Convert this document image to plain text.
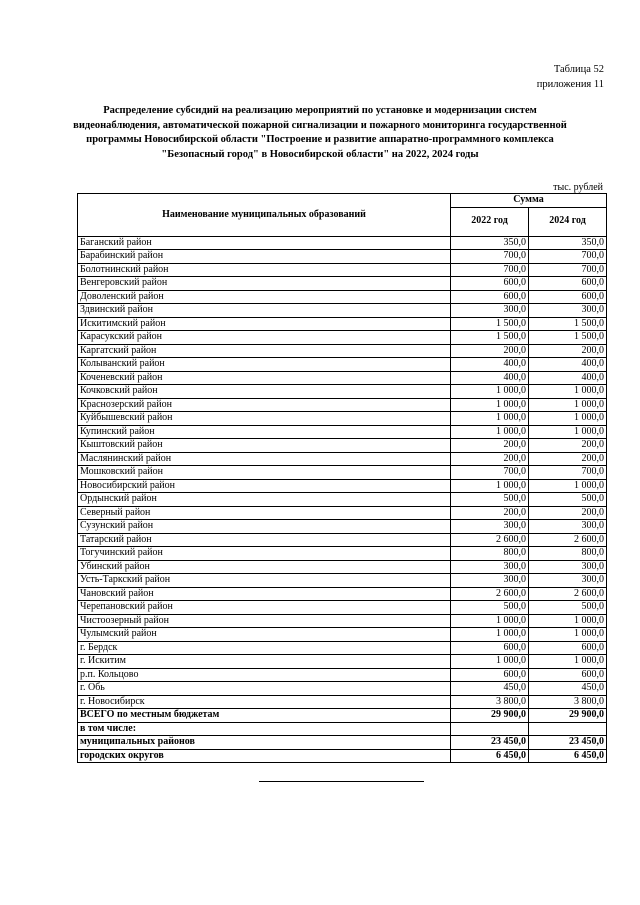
Таблица 52
приложения 11
Распределение субсидий на реализацию мероприятий по установке и модернизации систем видеонаблюдения, автоматической пожарной сигнализации и пожарного мониторинга государственной программы Новосибирской области "Построение и развитие аппаратно-программного комплекса "Безопасный город" в Новосибирской области" на 2022, 2024 годы
тыс. рублей
Наименование муниципальных образований	Сумма	
	2022 год	2024 год
Баганский район	350,0	350,0
Барабинский район	700,0	700,0
Болотнинский район	700,0	700,0
Венгеровский район	600,0	600,0
Доволенский район	600,0	600,0
Здвинский район	300,0	300,0
Искитимский район	1 500,0	1 500,0
Карасукский район	1 500,0	1 500,0
Каргатский район	200,0	200,0
Колыванский район	400,0	400,0
Коченевский район	400,0	400,0
Кочковский район	1 000,0	1 000,0
Краснозерский район	1 000,0	1 000,0
Куйбышевский район	1 000,0	1 000,0
Купинский район	1 000,0	1 000,0
Кыштовский район	200,0	200,0
Маслянинский район	200,0	200,0
Мошковский район	700,0	700,0
Новосибирский район	1 000,0	1 000,0
Ордынский район	500,0	500,0
Северный район	200,0	200,0
Сузунский район	300,0	300,0
Татарский район	2 600,0	2 600,0
Тогучинский район	800,0	800,0
Убинский район	300,0	300,0
Усть-Таркский район	300,0	300,0
Чановский район	2 600,0	2 600,0
Черепановский район	500,0	500,0
Чистоозерный район	1 000,0	1 000,0
Чулымский район	1 000,0	1 000,0
г. Бердск	600,0	600,0
г. Искитим	1 000,0	1 000,0
р.п. Кольцово	600,0	600,0
г. Обь	450,0	450,0
г. Новосибирск	3 800,0	3 800,0
ВСЕГО по местным бюджетам	29 900,0	29 900,0
в том числе:		
муниципальных районов	23 450,0	23 450,0
городских округов	6 450,0	6 450,0
